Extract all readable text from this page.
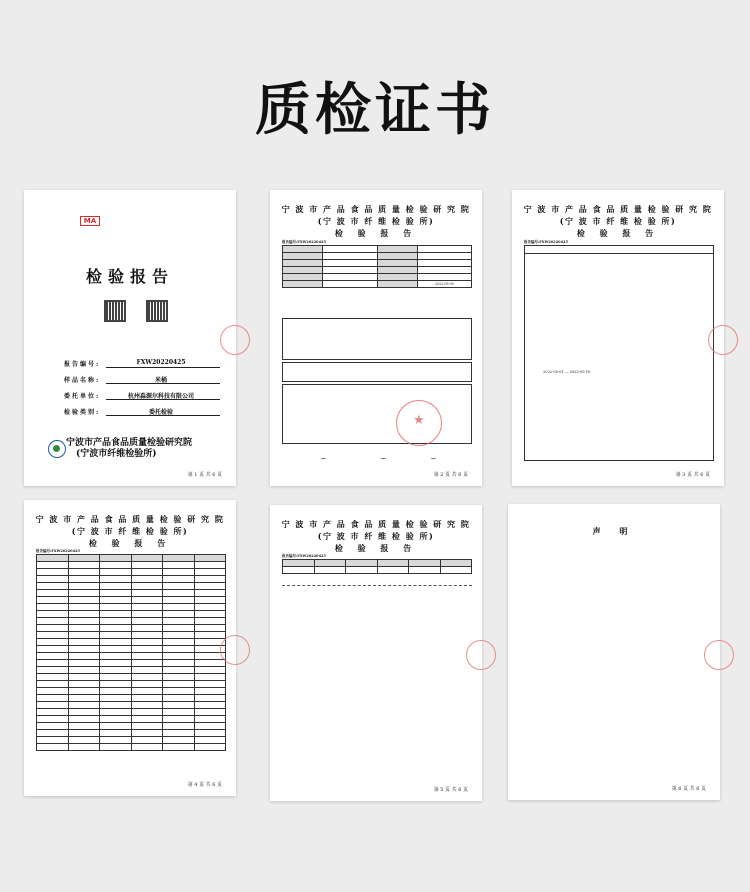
质检证书
MA
检验报告
报告编号:	FXW20220425
样品名称:	米桶
委托单位:	杭州淼源尔科技有限公司
检验类别:	委托检验
宁波市产品食品质量检验研究院
(宁波市纤维检验所)
第 1 页 共 6 页
宁 波 市 产 品 食 品 质 量 检 验 研 究 院
(宁 波 市 纤 维 检 验 所)
检 验 报 告
报告编号:FXW20220425

			2022-05-05

★
∽	∽	∽
第 2 页 共 6 页
宁 波 市 产 品 食 品 质 量 检 验 研 究 院
(宁 波 市 纤 维 检 验 所)
检 验 报 告
报告编号:FXW20220425
2022-05-01 — 2022-05-10
第 3 页 共 6 页
宁 波 市 产 品 食 品 质 量 检 验 研 究 院
(宁 波 市 纤 维 检 验 所)
检 验 报 告
报告编号:FXW20220425

第 4 页 共 6 页
宁 波 市 产 品 食 品 质 量 检 验 研 究 院
(宁 波 市 纤 维 检 验 所)
检 验 报 告
报告编号:FXW20220425

第 5 页 共 6 页
声 明
第 6 页 共 6 页
